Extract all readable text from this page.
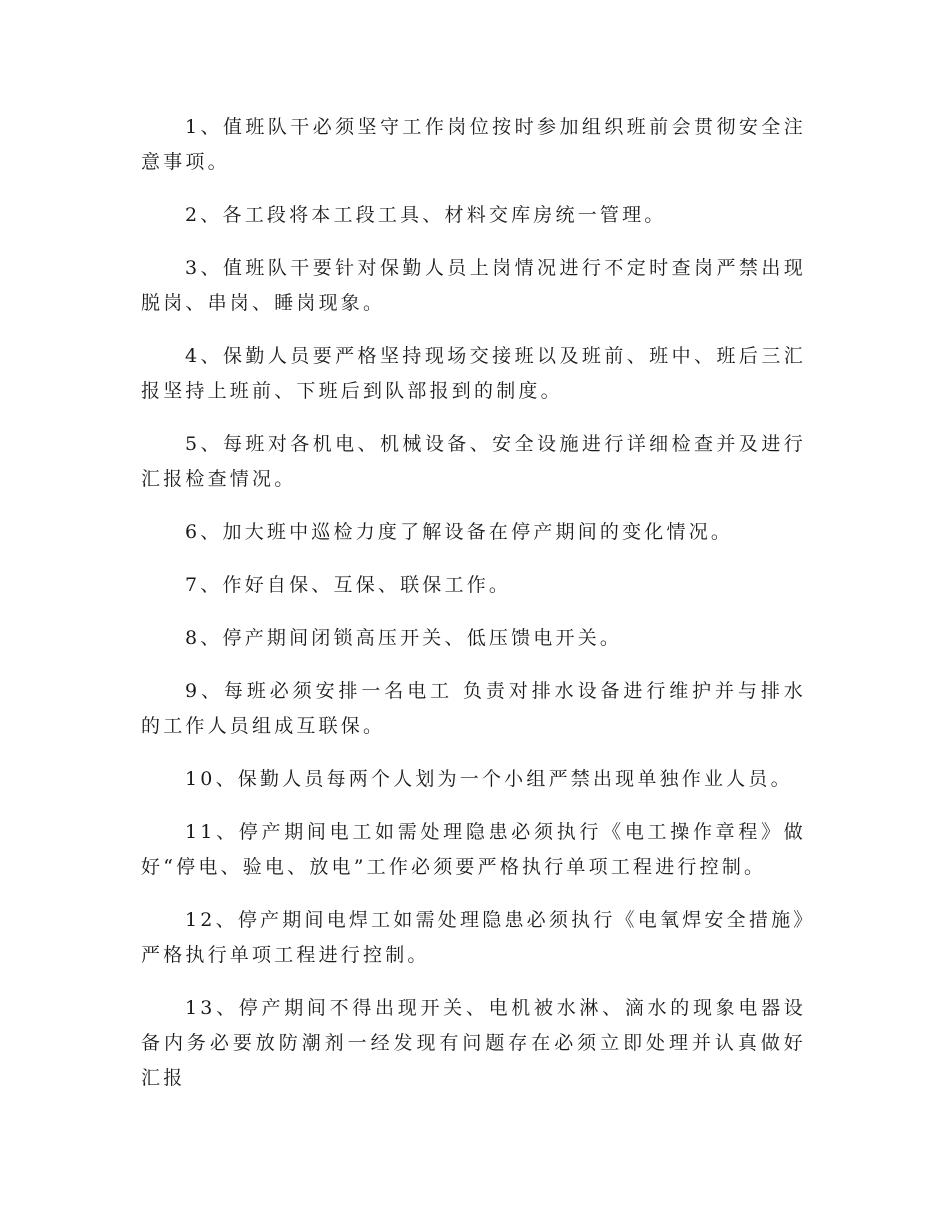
1、值班队干必须坚守工作岗位按时参加组织班前会贯彻安全注意事项。

2、各工段将本工段工具、材料交库房统一管理。

3、值班队干要针对保勤人员上岗情况进行不定时查岗严禁出现脱岗、串岗、睡岗现象。

4、保勤人员要严格坚持现场交接班以及班前、班中、班后三汇报坚持上班前、下班后到队部报到的制度。

5、每班对各机电、机械设备、安全设施进行详细检查并及进行汇报检查情况。

6、加大班中巡检力度了解设备在停产期间的变化情况。

7、作好自保、互保、联保工作。

8、停产期间闭锁高压开关、低压馈电开关。

9、每班必须安排一名电工 负责对排水设备进行维护并与排水的工作人员组成互联保。

10、保勤人员每两个人划为一个小组严禁出现单独作业人员。

11、停产期间电工如需处理隐患必须执行《电工操作章程》做好“停电、验电、放电”工作必须要严格执行单项工程进行控制。

12、停产期间电焊工如需处理隐患必须执行《电氧焊安全措施》严格执行单项工程进行控制。

13、停产期间不得出现开关、电机被水淋、滴水的现象电器设备内务必要放防潮剂一经发现有问题存在必须立即处理并认真做好汇报
